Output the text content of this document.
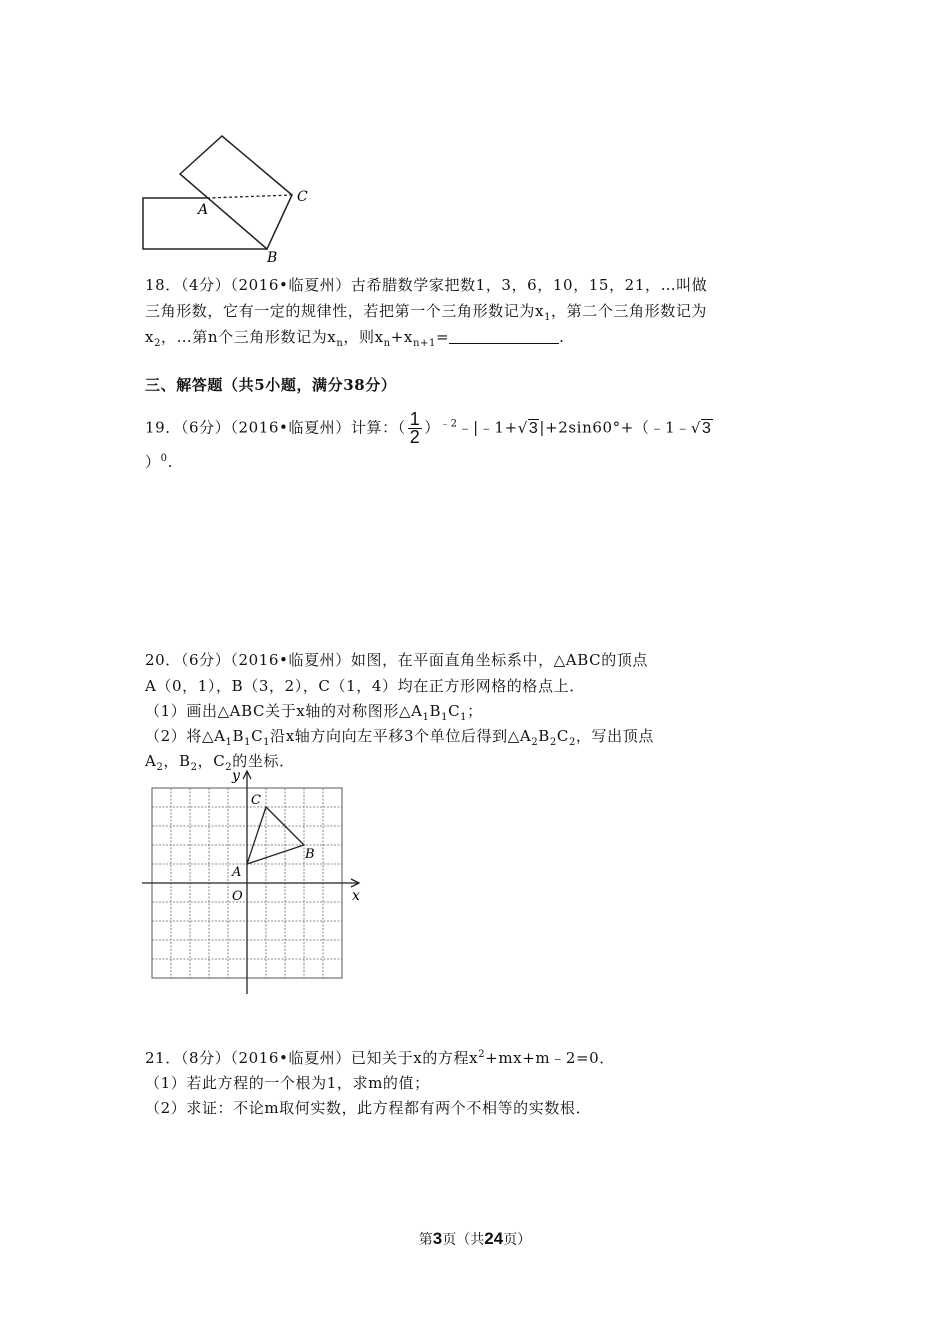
A
B
C
18．（4分）（2016•临夏州）古希腊数学家把数1，3，6，10，15，21，…叫做
三角形数，它有一定的规律性，若把第一个三角形数记为$x_1$，第二个三角形数记为
$x_2$，…第n个三角形数记为$x_n$，则$x_n+x_{n+1}=$	.
三、解答题（共5小题，满分38分）
19．（6分）（2016•临夏州）计算：（ $\frac{1}{2}$ ）$^{﹣2}$﹣|﹣1+√3|+2sin60°+（﹣1﹣√3
）$^0$.
20．（6分）（2016•临夏州）如图，在平面直角坐标系中，△ABC的顶点
A（0，1），B（3，2），C（1，4）均在正方形网格的格点上．
（1）画出△ABC关于x轴的对称图形$\triangle A_1B_1C_1$；
（2）将$\triangle A_1B_1C_1$沿x轴方向向左平移3个单位后得到$\triangle A_2B_2C_2$，写出顶点
$A_2$，$B_2$，$C_2$的坐标．
y
x
O
A
B
C
21．（8分）（2016•临夏州）已知关于x的方程$x^2+mx+m﹣2=0$．
（1）若此方程的一个根为1，求m的值；
（2）求证：不论m取何实数，此方程都有两个不相等的实数根．
第3页（共24页）
